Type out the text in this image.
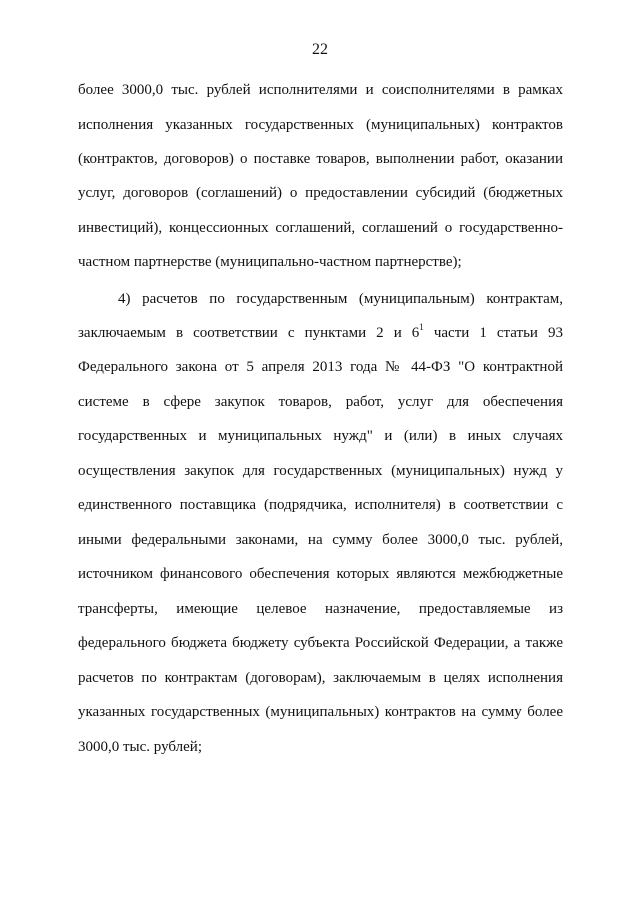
22
более 3000,0 тыс. рублей исполнителями и соисполнителями в рамках
исполнения указанных государственных (муниципальных) контрактов
(контрактов, договоров) о поставке товаров, выполнении работ, оказании
услуг, договоров (соглашений) о предоставлении субсидий (бюджетных
инвестиций), концессионных соглашений, соглашений о государственно-
частном партнерстве (муниципально-частном партнерстве);
4) расчетов по государственным (муниципальным) контрактам,
заключаемым в соответствии с пунктами 2 и $6^1$ части 1 статьи 93
Федерального закона от 5 апреля 2013 года № 44-ФЗ "О контрактной
системе в сфере закупок товаров, работ, услуг для обеспечения
государственных и муниципальных нужд" и (или) в иных случаях
осуществления закупок для государственных (муниципальных) нужд у
единственного поставщика (подрядчика, исполнителя) в соответствии с
иными федеральными законами, на сумму более 3000,0 тыс. рублей,
источником финансового обеспечения которых являются межбюджетные
трансферты, имеющие целевое назначение, предоставляемые из
федерального бюджета бюджету субъекта Российской Федерации, а также
расчетов по контрактам (договорам), заключаемым в целях исполнения
указанных государственных (муниципальных) контрактов на сумму более
3000,0 тыс. рублей;
